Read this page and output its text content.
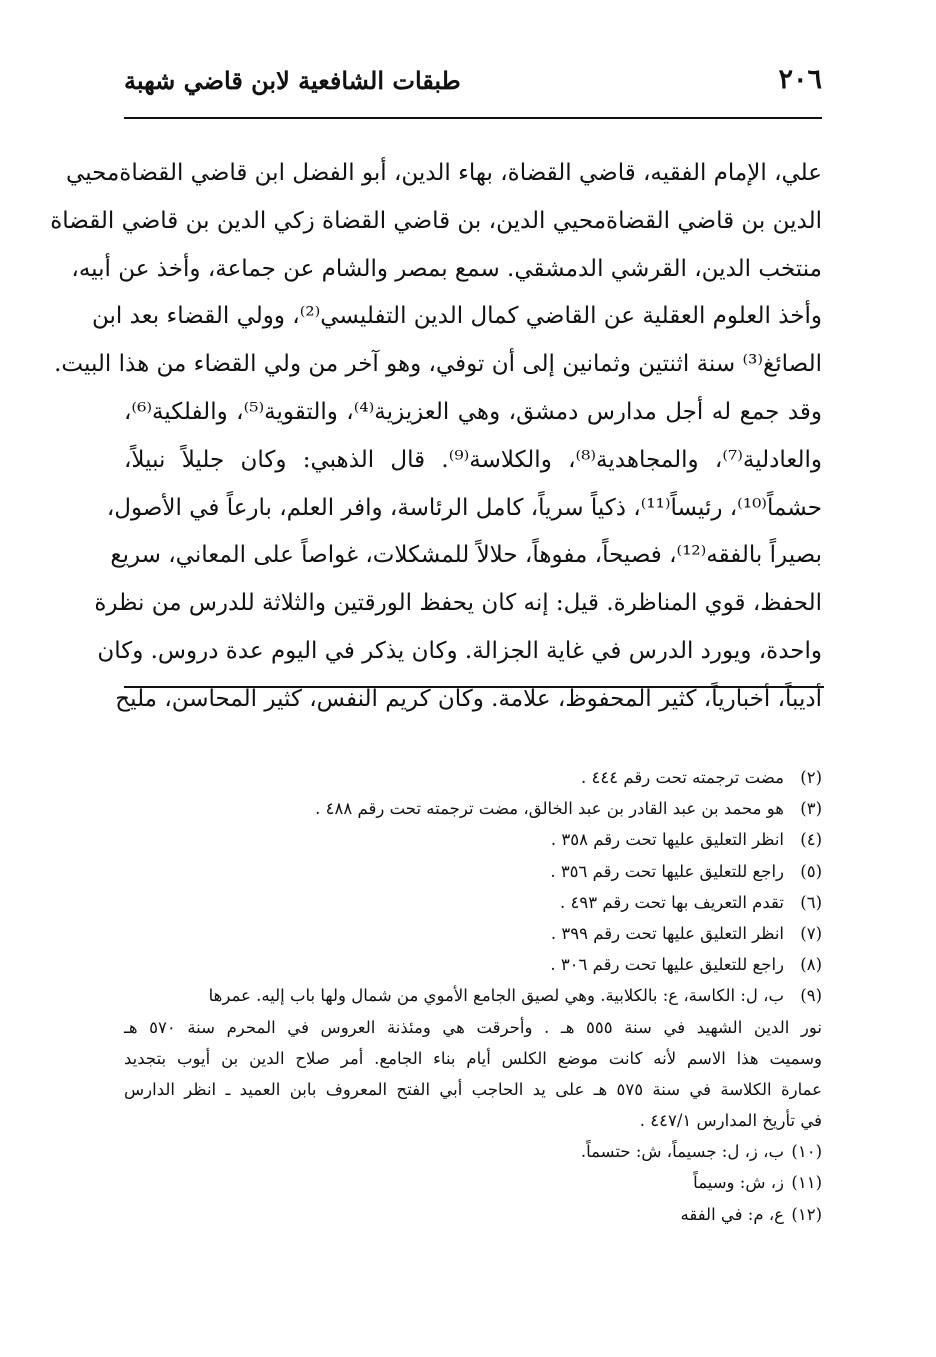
٢٠٦
طبقات الشافعية لابن قاضي شهبة
علي، الإمام الفقيه، قاضي القضاة، بهاء الدين، أبو الفضل ابن قاضي القضاةمحيي
الدين بن قاضي القضاةمحيي الدين، بن قاضي القضاة زكي الدين بن قاضي القضاة
منتخب الدين، القرشي الدمشقي. سمع بمصر والشام عن جماعة، وأخذ عن أبيه،
وأخذ العلوم العقلية عن القاضي كمال الدين التفليسي⁽²⁾، وولي القضاء بعد ابن
الصائغ⁽³⁾ سنة اثنتين وثمانين إلى أن توفي، وهو آخر من ولي القضاء من هذا البيت.
وقد جمع له أجل مدارس دمشق، وهي العزيزية⁽⁴⁾، والتقوية⁽⁵⁾، والفلكية⁽⁶⁾،
والعادلية⁽⁷⁾، والمجاهدية⁽⁸⁾، والكلاسة⁽⁹⁾. قال الذهبي: وكان جليلاً نبيلاً،
حشماً⁽¹⁰⁾، رئيساً⁽¹¹⁾، ذكياً سرياً، كامل الرئاسة، وافر العلم، بارعاً في الأصول،
بصيراً بالفقه⁽¹²⁾، فصيحاً، مفوهاً، حلالاً للمشكلات، غواصاً على المعاني، سريع
الحفظ، قوي المناظرة. قيل: إنه كان يحفظ الورقتين والثلاثة للدرس من نظرة
واحدة، ويورد الدرس في غاية الجزالة. وكان يذكر في اليوم عدة دروس. وكان
أديباً، أخبارياً، كثير المحفوظ، علامة. وكان كريم النفس، كثير المحاسن، مليح
(٢)مضت ترجمته تحت رقم ٤٤٤ .
(٣)هو محمد بن عبد القادر بن عبد الخالق، مضت ترجمته تحت رقم ٤٨٨ .
(٤)انظر التعليق عليها تحت رقم ٣٥٨ .
(٥)راجع للتعليق عليها تحت رقم ٣٥٦ .
(٦)تقدم التعريف بها تحت رقم ٤٩٣ .
(٧)انظر التعليق عليها تحت رقم ٣٩٩ .
(٨)راجع للتعليق عليها تحت رقم ٣٠٦ .
(٩)ب، ل: الكاسة، ع: بالكلابية. وهي لصيق الجامع الأموي من شمال ولها باب إليه. عمرها
نور الدين الشهيد في سنة ٥٥٥ هـ . وأحرقت هي ومئذنة العروس في المحرم سنة ٥٧٠ هـ
وسميت هذا الاسم لأنه كانت موضع الكلس أيام بناء الجامع. أمر صلاح الدين بن أيوب بتجديد
عمارة الكلاسة في سنة ٥٧٥ هـ على يد الحاجب أبي الفتح المعروف بابن العميد ـ انظر الدارس
في تأريخ المدارس ٤٤٧/١ .
(١٠)ب، ز، ل: جسيماً، ش: حتسماً.
(١١)ز، ش: وسيماً
(١٢)ع، م: في الفقه
